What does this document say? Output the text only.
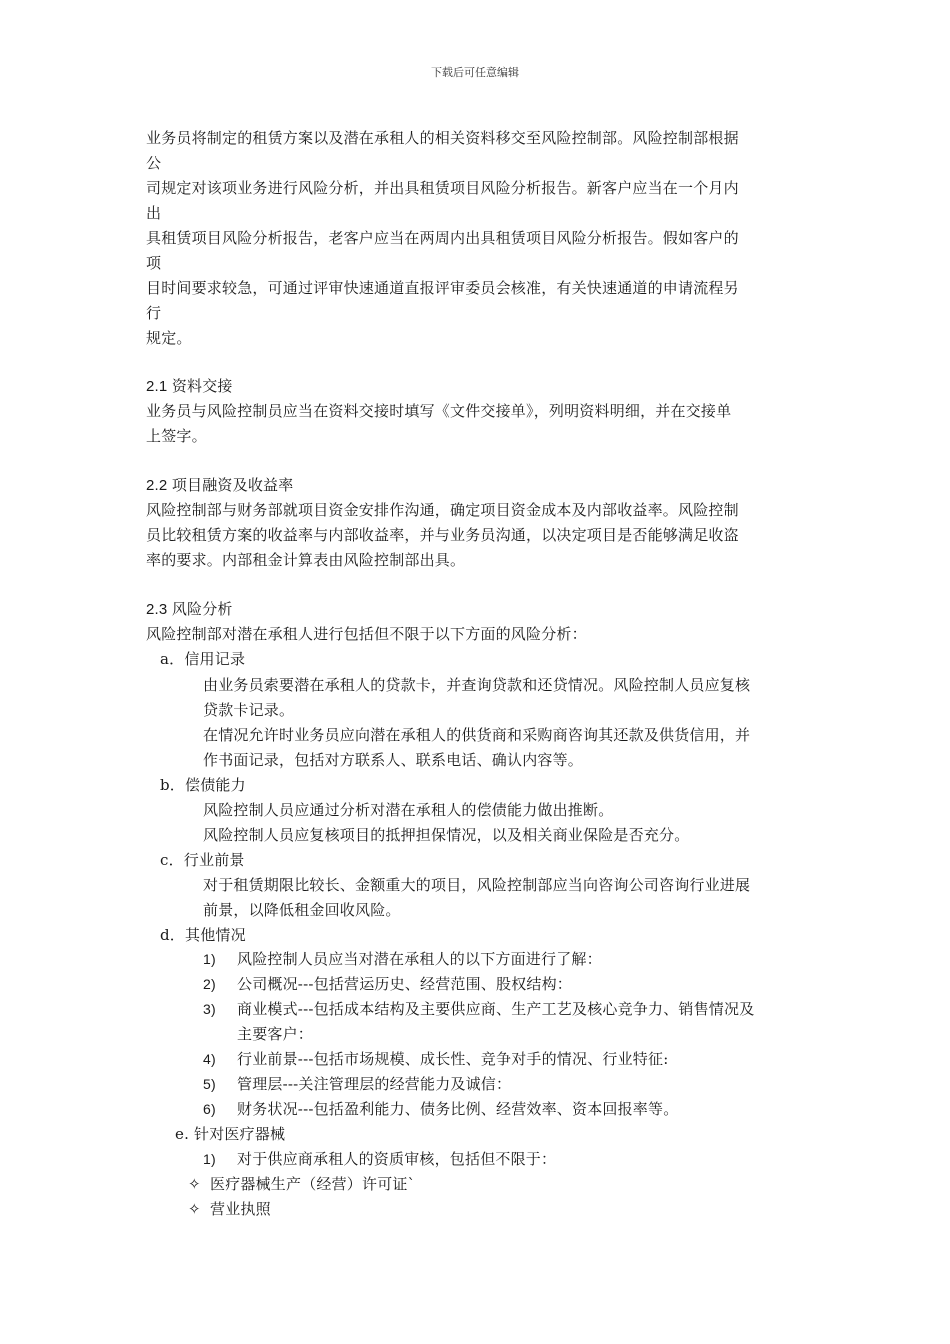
下载后可任意编辑
业务员将制定的租赁方案以及潜在承租人的相关资料移交至风险控制部。风险控制部根据
公
司规定对该项业务进行风险分析，并出具租赁项目风险分析报告。新客户应当在一个月内
出
具租赁项目风险分析报告，老客户应当在两周内出具租赁项目风险分析报告。假如客户的
项
目时间要求较急，可通过评审快速通道直报评审委员会核准，有关快速通道的申请流程另
行
规定。
2.1 资料交接
业务员与风险控制员应当在资料交接时填写《文件交接单》，列明资料明细，并在交接单
上签字。
2.2 项目融资及收益率
风险控制部与财务部就项目资金安排作沟通，确定项目资金成本及内部收益率。风险控制
员比较租赁方案的收益率与内部收益率，并与业务员沟通，以决定项目是否能够满足收盗
率的要求。内部租金计算表由风险控制部出具。
2.3 风险分析
风险控制部对潜在承租人进行包括但不限于以下方面的风险分析：
a．信用记录
由业务员索要潜在承租人的贷款卡，并查询贷款和还贷情况。风险控制人员应复核
贷款卡记录。
在情况允许时业务员应向潜在承租人的供货商和采购商咨询其还款及供货信用，并
作书面记录，包括对方联系人、联系电话、确认内容等。
b．偿债能力
风险控制人员应通过分析对潜在承租人的偿债能力做出推断。
风险控制人员应复核项目的抵押担保情况，以及相关商业保险是否充分。
c．行业前景
对于租赁期限比较长、金额重大的项目，风险控制部应当向咨询公司咨询行业进展
前景，以降低租金回收风险。
d．其他情况
1) 风险控制人员应当对潜在承租人的以下方面进行了解：
2) 公司概况---包括营运历史、经营范围、股权结构：
3) 商业模式---包括成本结构及主要供应商、生产工艺及核心竞争力、销售情况及
主要客户：
4) 行业前景---包括市场规模、成长性、竞争对手的情况、行业特征:
5) 管理层---关注管理层的经营能力及诚信：
6) 财务状况---包括盈利能力、债务比例、经营效率、资本回报率等。
e. 针对医疗器械
1) 对于供应商承租人的资质审核，包括但不限于：
✧ 医疗器械生产（经营）许可证`
✧ 营业执照
